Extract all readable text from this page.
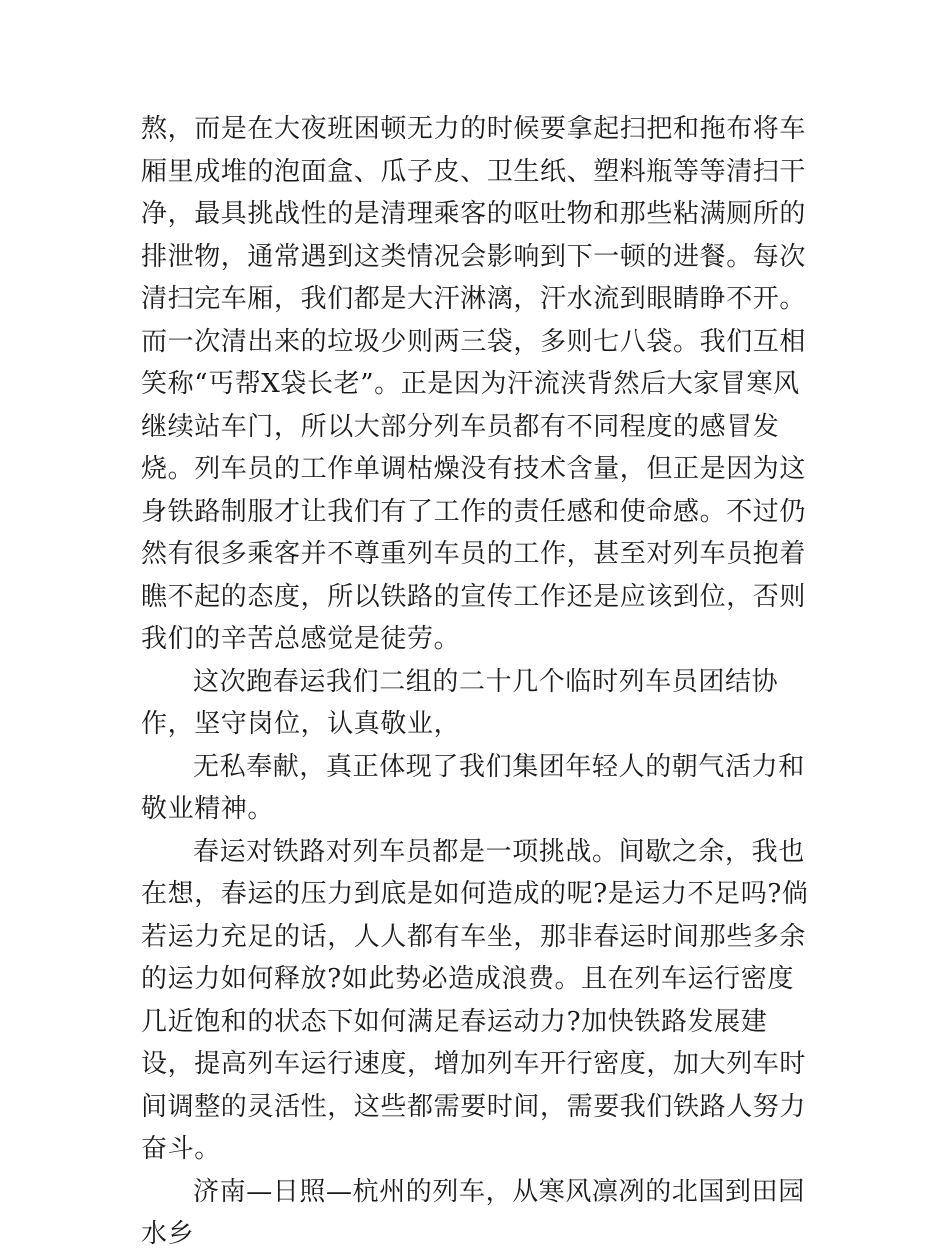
熬，而是在大夜班困顿无力的时候要拿起扫把和拖布将车厢里成堆的泡面盒、瓜子皮、卫生纸、塑料瓶等等清扫干净，最具挑战性的是清理乘客的呕吐物和那些粘满厕所的排泄物，通常遇到这类情况会影响到下一顿的进餐。每次清扫完车厢，我们都是大汗淋漓，汗水流到眼睛睁不开。而一次清出来的垃圾少则两三袋，多则七八袋。我们互相笑称“丐帮X袋长老”。正是因为汗流浃背然后大家冒寒风继续站车门，所以大部分列车员都有不同程度的感冒发烧。列车员的工作单调枯燥没有技术含量，但正是因为这身铁路制服才让我们有了工作的责任感和使命感。不过仍然有很多乘客并不尊重列车员的工作，甚至对列车员抱着瞧不起的态度，所以铁路的宣传工作还是应该到位，否则我们的辛苦总感觉是徒劳。

这次跑春运我们二组的二十几个临时列车员团结协作，坚守岗位，认真敬业，

无私奉献，真正体现了我们集团年轻人的朝气活力和敬业精神。

春运对铁路对列车员都是一项挑战。间歇之余，我也在想，春运的压力到底是如何造成的呢?是运力不足吗?倘若运力充足的话，人人都有车坐，那非春运时间那些多余的运力如何释放?如此势必造成浪费。且在列车运行密度几近饱和的状态下如何满足春运动力?加快铁路发展建设，提高列车运行速度，增加列车开行密度，加大列车时间调整的灵活性，这些都需要时间，需要我们铁路人努力奋斗。

济南—日照—杭州的列车，从寒风凛冽的北国到田园水乡
